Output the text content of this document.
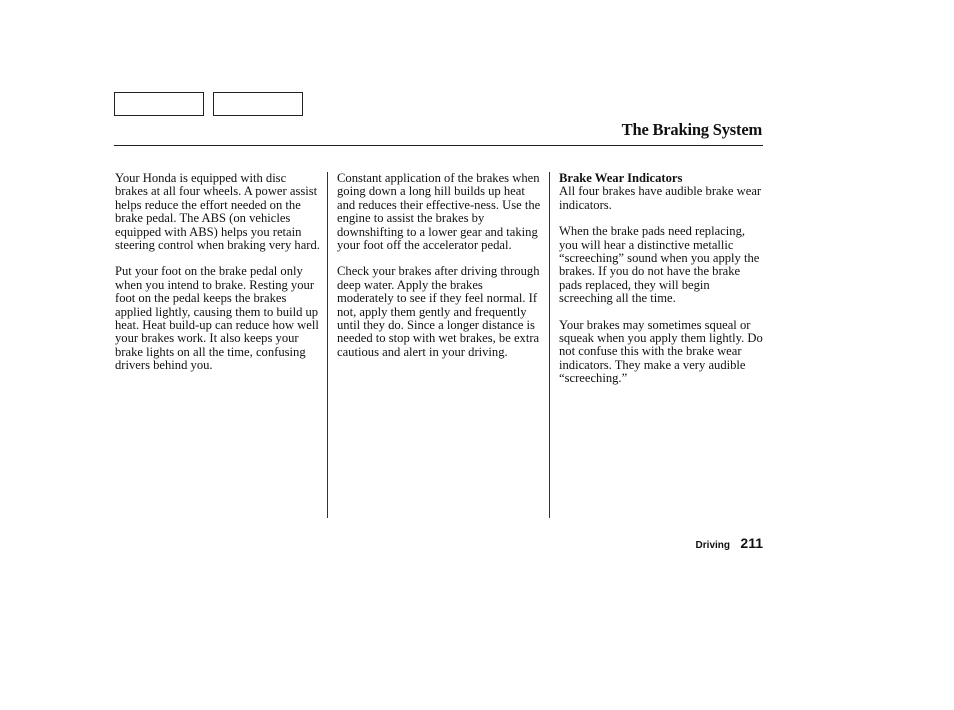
The Braking System

Your Honda is equipped with disc brakes at all four wheels. A power assist helps reduce the effort needed on the brake pedal. The ABS (on vehicles equipped with ABS) helps you retain steering control when braking very hard.

Put your foot on the brake pedal only when you intend to brake. Resting your foot on the pedal keeps the brakes applied lightly, causing them to build up heat. Heat build-up can reduce how well your brakes work. It also keeps your brake lights on all the time, confusing drivers behind you.

Constant application of the brakes when going down a long hill builds up heat and reduces their effective-ness. Use the engine to assist the brakes by downshifting to a lower gear and taking your foot off the accelerator pedal.

Check your brakes after driving through deep water. Apply the brakes moderately to see if they feel normal. If not, apply them gently and frequently until they do. Since a longer distance is needed to stop with wet brakes, be extra cautious and alert in your driving.

Brake Wear Indicators
All four brakes have audible brake wear indicators.

When the brake pads need replacing, you will hear a distinctive metallic “screeching” sound when you apply the brakes. If you do not have the brake pads replaced, they will begin screeching all the time.

Your brakes may sometimes squeal or squeak when you apply them lightly. Do not confuse this with the brake wear indicators. They make a very audible “screeching.”

Driving 211
